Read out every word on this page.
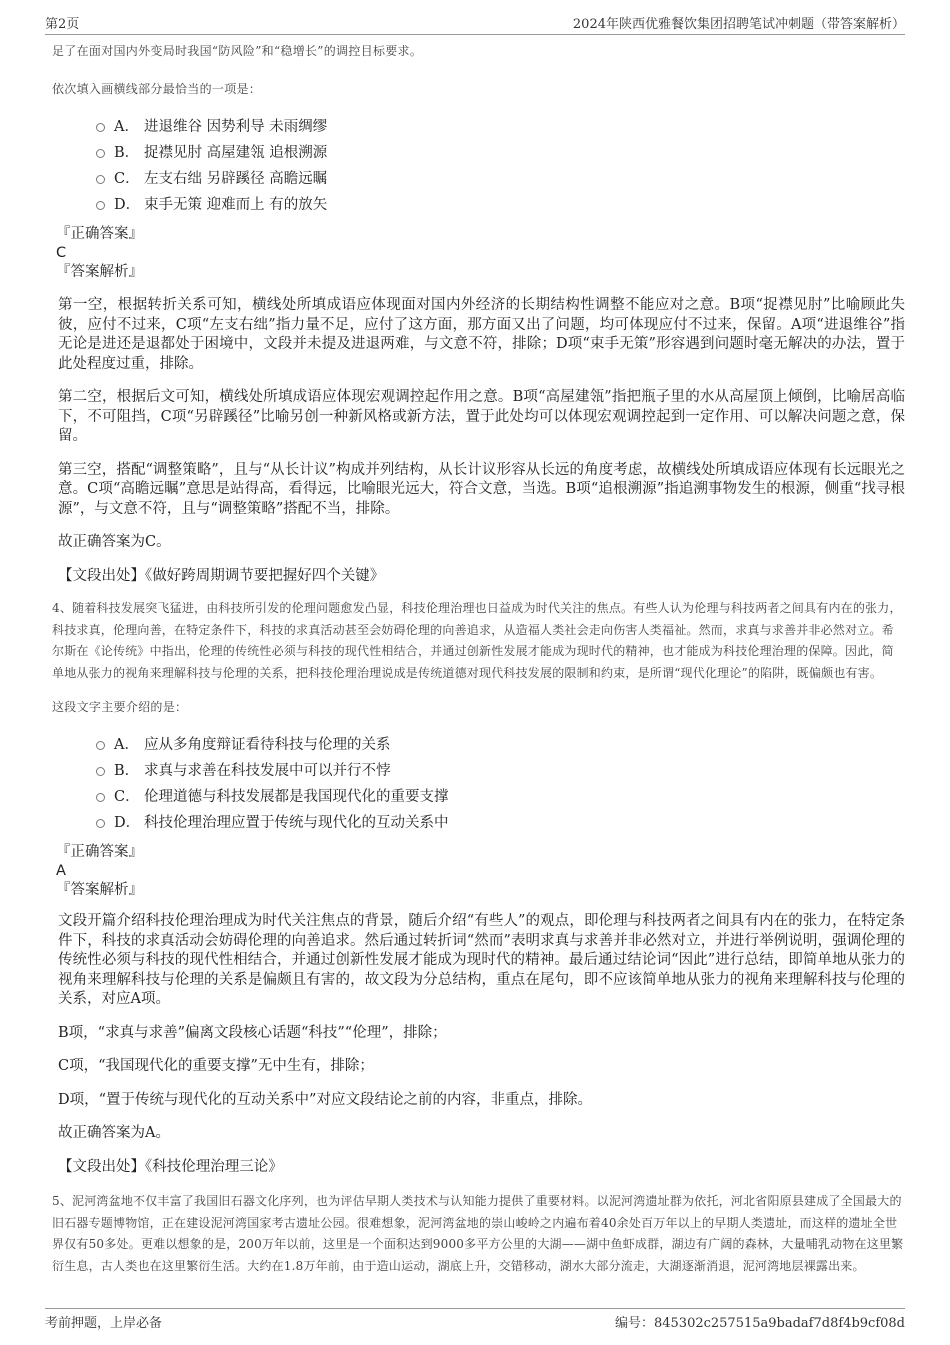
第2页	2024年陕西优雅餐饮集团招聘笔试冲刺题（带答案解析）
足了在面对国内外变局时我国“防风险”和“稳增长”的调控目标要求。
依次填入画横线部分最恰当的一项是：
A． 进退维谷 因势利导 未雨绸缪
B． 捉襟见肘 高屋建瓴 追根溯源
C． 左支右绌 另辟蹊径 高瞻远瞩
D． 束手无策 迎难而上 有的放矢
『正确答案』
C
『答案解析』

第一空，根据转折关系可知，横线处所填成语应体现面对国内外经济的长期结构性调整不能应对之意。B项“捉襟见肘”比喻顾此失彼，应付不过来，C项“左支右绌”指力量不足，应付了这方面，那方面又出了问题，均可体现应付不过来，保留。A项“进退维谷”指无论是进还是退都处于困境中，文段并未提及进退两难，与文意不符，排除；D项“束手无策”形容遇到问题时毫无解决的办法，置于此处程度过重，排除。

第二空，根据后文可知，横线处所填成语应体现宏观调控起作用之意。B项“高屋建瓴”指把瓶子里的水从高屋顶上倾倒，比喻居高临下，不可阻挡，C项“另辟蹊径”比喻另创一种新风格或新方法，置于此处均可以体现宏观调控起到一定作用、可以解决问题之意，保留。

第三空，搭配“调整策略”，且与“从长计议”构成并列结构，从长计议形容从长远的角度考虑，故横线处所填成语应体现有长远眼光之意。C项“高瞻远瞩”意思是站得高，看得远，比喻眼光远大，符合文意，当选。B项“追根溯源”指追溯事物发生的根源，侧重“找寻根源”，与文意不符，且与“调整策略”搭配不当，排除。

故正确答案为C。

【文段出处】《做好跨周期调节要把握好四个关键》

4、随着科技发展突飞猛进，由科技所引发的伦理问题愈发凸显，科技伦理治理也日益成为时代关注的焦点。有些人认为伦理与科技两者之间具有内在的张力，科技求真，伦理向善，在特定条件下，科技的求真活动甚至会妨碍伦理的向善追求，从造福人类社会走向伤害人类福祉。然而，求真与求善并非必然对立。希尔斯在《论传统》中指出，伦理的传统性必须与科技的现代性相结合，并通过创新性发展才能成为现时代的精神，也才能成为科技伦理治理的保障。因此，简单地从张力的视角来理解科技与伦理的关系，把科技伦理治理说成是传统道德对现代科技发展的限制和约束，是所谓“现代化理论”的陷阱，既偏颇也有害。
这段文字主要介绍的是：
A． 应从多角度辩证看待科技与伦理的关系
B． 求真与求善在科技发展中可以并行不悖
C． 伦理道德与科技发展都是我国现代化的重要支撑
D． 科技伦理治理应置于传统与现代化的互动关系中
『正确答案』
A
『答案解析』

文段开篇介绍科技伦理治理成为时代关注焦点的背景，随后介绍“有些人”的观点，即伦理与科技两者之间具有内在的张力，在特定条件下，科技的求真活动会妨碍伦理的向善追求。然后通过转折词“然而”表明求真与求善并非必然对立，并进行举例说明，强调伦理的传统性必须与科技的现代性相结合，并通过创新性发展才能成为现时代的精神。最后通过结论词“因此”进行总结，即简单地从张力的视角来理解科技与伦理的关系是偏颇且有害的，故文段为分总结构，重点在尾句，即不应该简单地从张力的视角来理解科技与伦理的关系，对应A项。

B项，“求真与求善”偏离文段核心话题“科技”“伦理”，排除；

C项，“我国现代化的重要支撑”无中生有，排除；

D项，“置于传统与现代化的互动关系中”对应文段结论之前的内容，非重点，排除。

故正确答案为A。

【文段出处】《科技伦理治理三论》

5、泥河湾盆地不仅丰富了我国旧石器文化序列，也为评估早期人类技术与认知能力提供了重要材料。以泥河湾遗址群为依托，河北省阳原县建成了全国最大的旧石器专题博物馆，正在建设泥河湾国家考古遗址公园。很难想象，泥河湾盆地的崇山峻岭之内遍布着40余处百万年以上的早期人类遗址，而这样的遗址全世界仅有50多处。更难以想象的是，200万年以前，这里是一个面积达到9000多平方公里的大湖——湖中鱼虾成群，湖边有广阔的森林，大量哺乳动物在这里繁衍生息，古人类也在这里繁衍生活。大约在1.8万年前，由于造山运动，湖底上升，交错移动，湖水大部分流走，大湖逐渐消退，泥河湾地层裸露出来。
考前押题，上岸必备	编号：845302c257515a9badaf7d8f4b9cf08d
